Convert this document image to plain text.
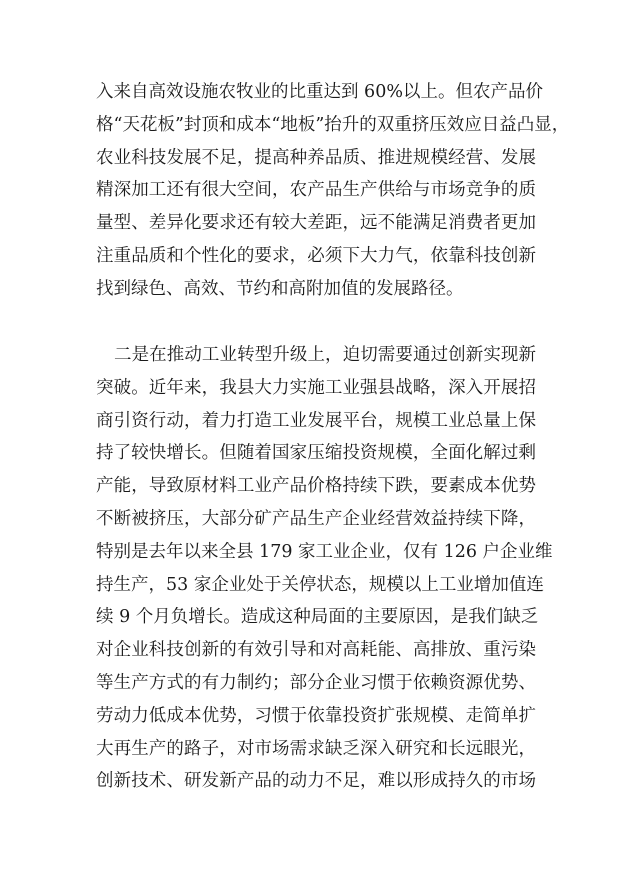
入来自高效设施农牧业的比重达到 60%以上。但农产品价
格“天花板”封顶和成本“地板”抬升的双重挤压效应日益凸显，
农业科技发展不足，提高种养品质、推进规模经营、发展
精深加工还有很大空间，农产品生产供给与市场竞争的质
量型、差异化要求还有较大差距，远不能满足消费者更加
注重品质和个性化的要求，必须下大力气，依靠科技创新
找到绿色、高效、节约和高附加值的发展路径。
二是在推动工业转型升级上，迫切需要通过创新实现新
突破。近年来，我县大力实施工业强县战略，深入开展招
商引资行动，着力打造工业发展平台，规模工业总量上保
持了较快增长。但随着国家压缩投资规模，全面化解过剩
产能，导致原材料工业产品价格持续下跌，要素成本优势
不断被挤压，大部分矿产品生产企业经营效益持续下降，
特别是去年以来全县 179 家工业企业，仅有 126 户企业维
持生产，53 家企业处于关停状态，规模以上工业增加值连
续 9 个月负增长。造成这种局面的主要原因，是我们缺乏
对企业科技创新的有效引导和对高耗能、高排放、重污染
等生产方式的有力制约；部分企业习惯于依赖资源优势、
劳动力低成本优势，习惯于依靠投资扩张规模、走简单扩
大再生产的路子，对市场需求缺乏深入研究和长远眼光，
创新技术、研发新产品的动力不足，难以形成持久的市场
